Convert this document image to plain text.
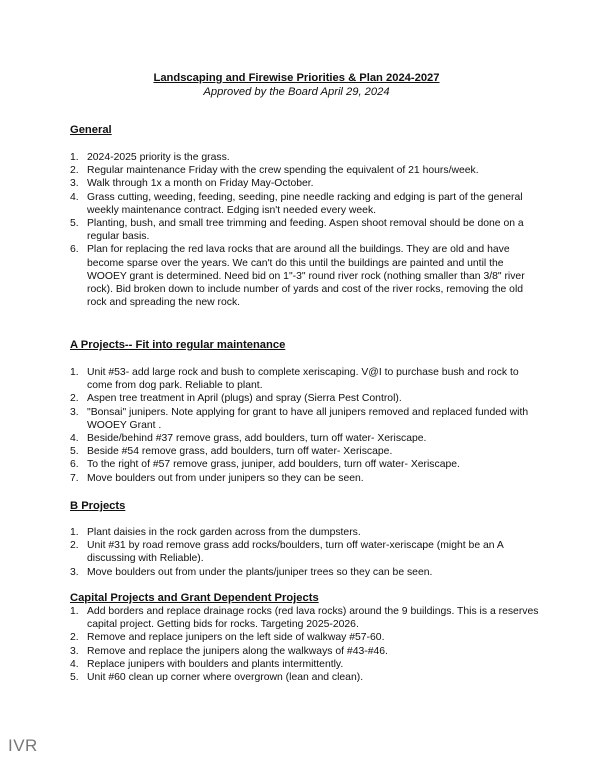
Landscaping and Firewise Priorities & Plan 2024-2027
Approved by the Board April 29, 2024
General
1. 2024-2025 priority is the grass.
2. Regular maintenance Friday with the crew spending the equivalent of 21 hours/week.
3. Walk through 1x a month on Friday May-October.
4. Grass cutting, weeding, feeding, seeding, pine needle racking and edging is part of the general weekly maintenance contract. Edging isn't needed every week.
5. Planting, bush, and small tree trimming and feeding. Aspen shoot removal should be done on a regular basis.
6. Plan for replacing the red lava rocks that are around all the buildings. They are old and have become sparse over the years. We can't do this until the buildings are painted and until the WOOEY grant is determined. Need bid on 1"-3" round river rock (nothing smaller than 3/8" river rock). Bid broken down to include number of yards and cost of the river rocks, removing the old rock and spreading the new rock.
A Projects-- Fit into regular maintenance
1. Unit #53- add large rock and bush to complete xeriscaping. V@I to purchase bush and rock to come from dog park. Reliable to plant.
2. Aspen tree treatment in April (plugs) and spray (Sierra Pest Control).
3. "Bonsai" junipers. Note applying for grant to have all junipers removed and replaced funded with WOOEY Grant .
4. Beside/behind #37 remove grass, add boulders, turn off water- Xeriscape.
5. Beside #54 remove grass, add boulders, turn off water- Xeriscape.
6. To the right of #57 remove grass, juniper, add boulders, turn off water- Xeriscape.
7. Move boulders out from under junipers so they can be seen.
B Projects
1. Plant daisies in the rock garden across from the dumpsters.
2. Unit #31 by road remove grass add rocks/boulders, turn off water-xeriscape (might be an A discussing with Reliable).
3. Move boulders out from under the plants/juniper trees so they can be seen.
Capital Projects and Grant Dependent Projects
1. Add borders and replace drainage rocks (red lava rocks) around the 9 buildings. This is a reserves capital project. Getting bids for rocks. Targeting 2025-2026.
2. Remove and replace junipers on the left side of walkway #57-60.
3. Remove and replace the junipers along the walkways of #43-#46.
4. Replace junipers with boulders and plants intermittently.
5. Unit #60 clean up corner where overgrown (lean and clean).
IVR
